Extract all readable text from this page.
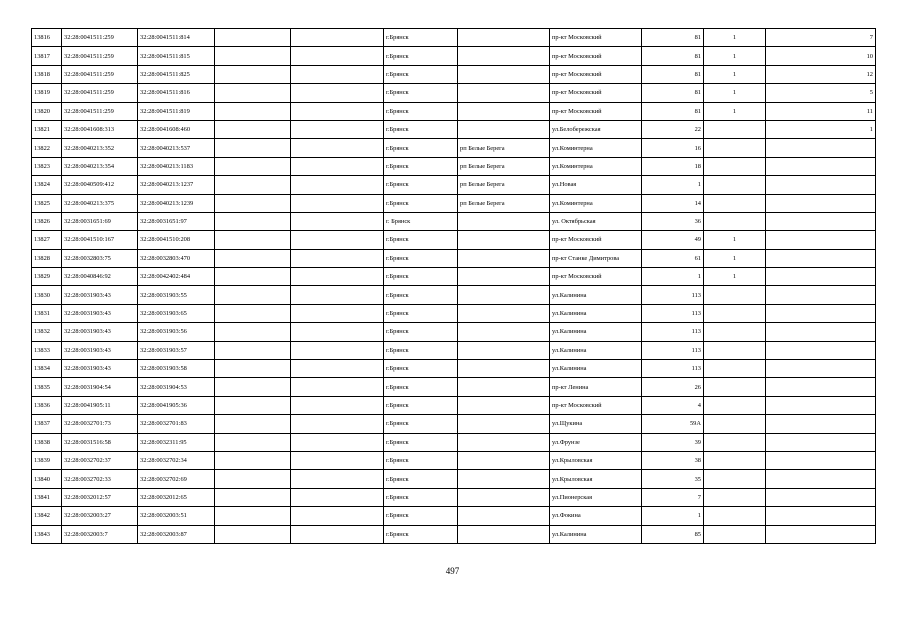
13816	32:28:0041511:259	32:28:0041511:814			г.Брянск		пр-кт Московский	81	1	7
13817	32:28:0041511:259	32:28:0041511:815			г.Брянск		пр-кт Московский	81	1	10
13818	32:28:0041511:259	32:28:0041511:825			г.Брянск		пр-кт Московский	81	1	12
13819	32:28:0041511:259	32:28:0041511:816			г.Брянск		пр-кт Московский	81	1	5
13820	32:28:0041511:259	32:28:0041511:819			г.Брянск		пр-кт Московский	81	1	11
13821	32:28:0041608:313	32:28:0041608:460			г.Брянск		ул.Белобережская	22		1
13822	32:28:0040213:352	32:28:0040213:537			г.Брянск	рп Белые Берега	ул.Коминтерна	16		
13823	32:28:0040213:354	32:28:0040213:1183			г.Брянск	рп Белые Берега	ул.Коминтерна	18		
13824	32:28:0040509:412	32:28:0040213:1237			г.Брянск	рп Белые Берега	ул.Новая	1		
13825	32:28:0040213:375	32:28:0040213:1239			г.Брянск	рп Белые Берега	ул.Коминтерна	14		
13826	32:28:0031651:69	32:28:0031651:97			г. Брянск		ул. Октябрьская	36		
13827	32:28:0041510:167	32:28:0041510:208			г.Брянск		пр-кт Московский	49	1	
13828	32:28:0032803:75	32:28:0032803:470			г.Брянск		пр-кт Станке Димитрова	61	1	
13829	32:28:0040846:92	32:28:0042402:484			г.Брянск		пр-кт Московский	1	1	
13830	32:28:0031903:43	32:28:0031903:55			г.Брянск		ул.Калинина	113		
13831	32:28:0031903:43	32:28:0031903:65			г.Брянск		ул.Калинина	113		
13832	32:28:0031903:43	32:28:0031903:56			г.Брянск		ул.Калинина	113		
13833	32:28:0031903:43	32:28:0031903:57			г.Брянск		ул.Калинина	113		
13834	32:28:0031903:43	32:28:0031903:58			г.Брянск		ул.Калинина	113		
13835	32:28:0031904:54	32:28:0031904:53			г.Брянск		пр-кт Ленина	26		
13836	32:28:0041905:11	32:28:0041905:36			г.Брянск		пр-кт Московский	4		
13837	32:28:0032701:73	32:28:0032701:83			г.Брянск		ул.Щукина	59А		
13838	32:28:0031516:58	32:28:0032311:95			г.Брянск		ул.Фрунзе	39		
13839	32:28:0032702:37	32:28:0032702:34			г.Брянск		ул.Крыловская	38		
13840	32:28:0032702:33	32:28:0032702:69			г.Брянск		ул.Крыловская	35		
13841	32:28:0032012:57	32:28:0032012:65			г.Брянск		ул.Пионерская	7		
13842	32:28:0032003:27	32:28:0032003:51			г.Брянск		ул.Фокина	1		
13843	32:28:0032003:7	32:28:0032003:87			г.Брянск		ул.Калинина	85		
497
